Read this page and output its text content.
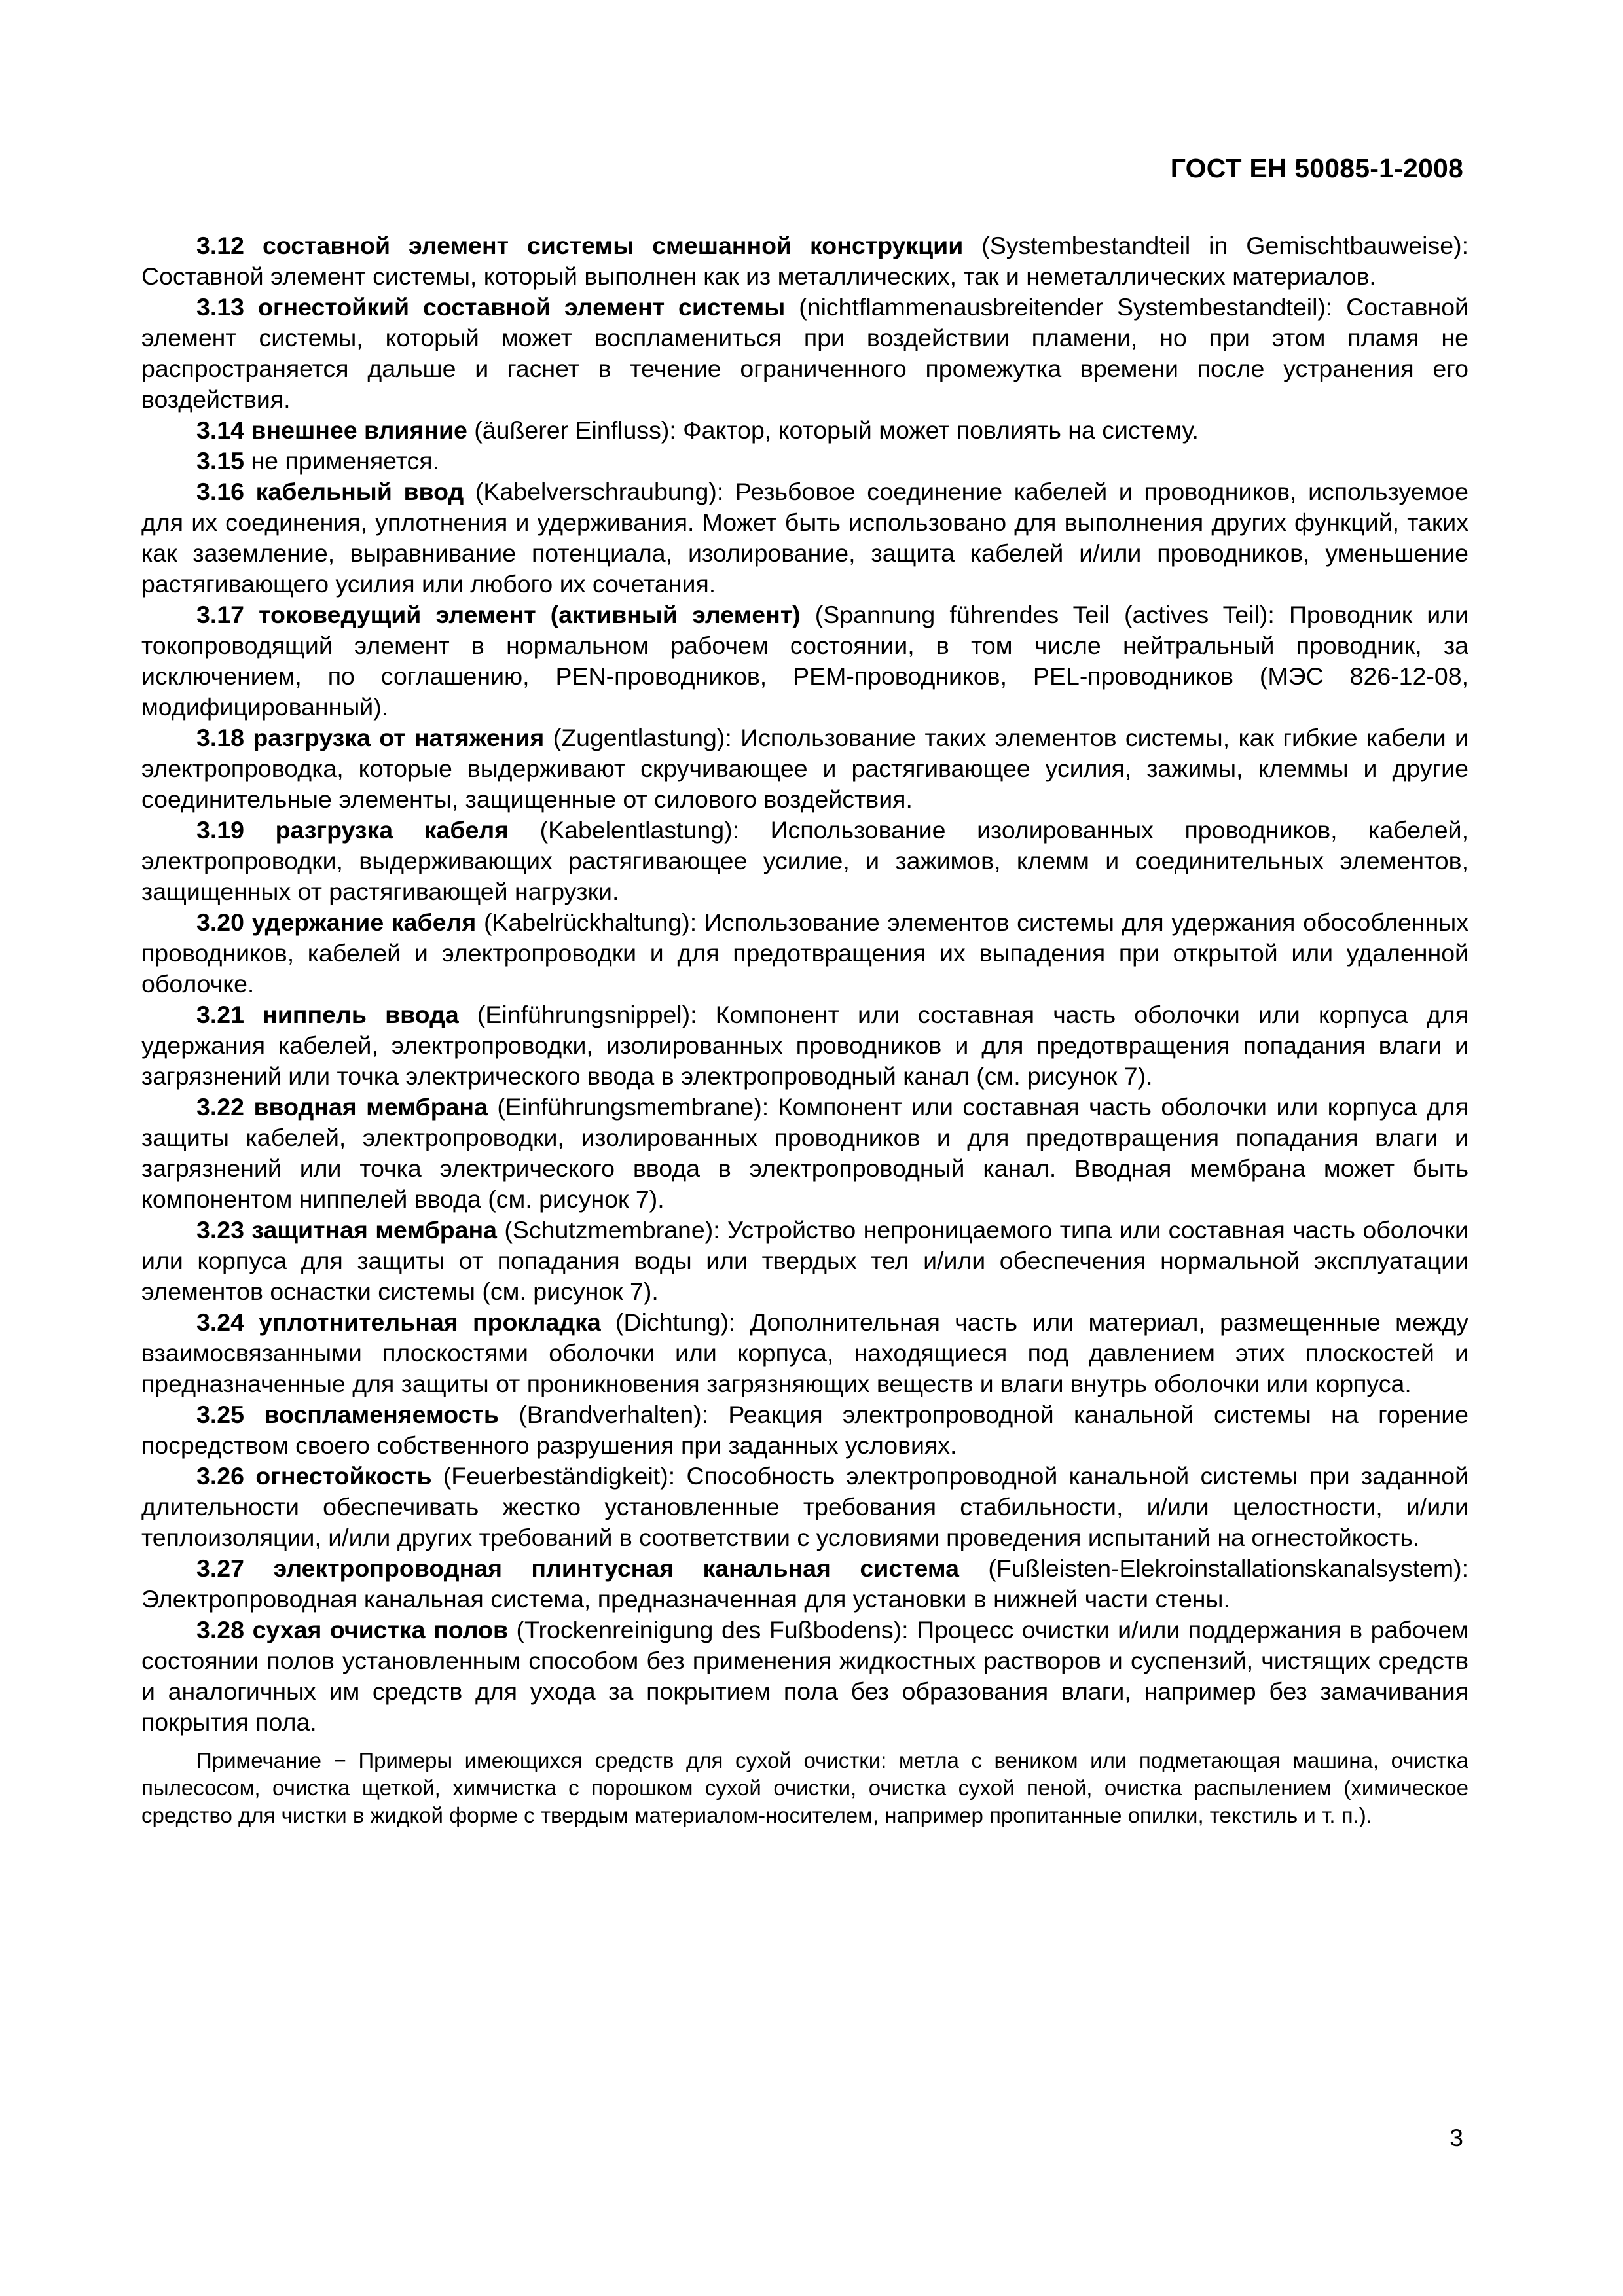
ГОСТ ЕН 50085-1-2008

3.12 составной элемент системы смешанной конструкции (Systembestandteil in Gemischtbauweise): Составной элемент системы, который выполнен как из металлических, так и неметаллических материалов.

3.13 огнестойкий составной элемент системы (nichtflammenausbreitender Systembestandteil): Составной элемент системы, который может воспламениться при воздействии пламени, но при этом пламя не распространяется дальше и гаснет в течение ограниченного промежутка времени после устранения его воздействия.

3.14 внешнее влияние (äußerer Einfluss): Фактор, который может повлиять на систему.

3.15 не применяется.

3.16 кабельный ввод (Kabelverschraubung): Резьбовое соединение кабелей и проводников, используемое для их соединения, уплотнения и удерживания. Может быть использовано для выполнения других функций, таких как заземление, выравнивание потенциала, изолирование, защита кабелей и/или проводников, уменьшение растягивающего усилия или любого их сочетания.

3.17 токоведущий элемент (активный элемент) (Spannung führendes Teil (actives Teil): Проводник или токопроводящий элемент в нормальном рабочем состоянии, в том числе нейтральный проводник, за исключением, по соглашению, PEN-проводников, PEM-проводников, PEL-проводников (МЭС 826-12-08, модифицированный).

3.18 разгрузка от натяжения (Zugentlastung): Использование таких элементов системы, как гибкие кабели и электропроводка, которые выдерживают скручивающее и растягивающее усилия, зажимы, клеммы и другие соединительные элементы, защищенные от силового воздействия.

3.19 разгрузка кабеля (Kabelentlastung): Использование изолированных проводников, кабелей, электропроводки, выдерживающих растягивающее усилие, и зажимов, клемм и соединительных элементов, защищенных от растягивающей нагрузки.

3.20 удержание кабеля (Kabelrückhaltung): Использование элементов системы для удержания обособленных проводников, кабелей и электропроводки и для предотвращения их выпадения при открытой или удаленной оболочке.

3.21 ниппель ввода (Einführungsnippel): Компонент или составная часть оболочки или корпуса для удержания кабелей, электропроводки, изолированных проводников и для предотвращения попадания влаги и загрязнений или точка электрического ввода в электропроводный канал (см. рисунок 7).

3.22 вводная мембрана (Einführungsmembrane): Компонент или составная часть оболочки или корпуса для защиты кабелей, электропроводки, изолированных проводников и для предотвращения попадания влаги и загрязнений или точка электрического ввода в электропроводный канал. Вводная мембрана может быть компонентом ниппелей ввода (см. рисунок 7).

3.23 защитная мембрана (Schutzmembrane): Устройство непроницаемого типа или составная часть оболочки или корпуса для защиты от попадания воды или твердых тел и/или обеспечения нормальной эксплуатации элементов оснастки системы (см. рисунок 7).

3.24 уплотнительная прокладка (Dichtung): Дополнительная часть или материал, размещенные между взаимосвязанными плоскостями оболочки или корпуса, находящиеся под давлением этих плоскостей и предназначенные для защиты от проникновения загрязняющих веществ и влаги внутрь оболочки или корпуса.

3.25 воспламеняемость (Brandverhalten): Реакция электропроводной канальной системы на горение посредством своего собственного разрушения при заданных условиях.

3.26 огнестойкость (Feuerbeständigkeit): Способность электропроводной канальной системы при заданной длительности обеспечивать жестко установленные требования стабильности, и/или целостности, и/или теплоизоляции, и/или других требований в соответствии с условиями проведения испытаний на огнестойкость.

3.27 электропроводная плинтусная канальная система (Fußleisten-Elekroinstallationskanalsystem): Электропроводная канальная система, предназначенная для установки в нижней части стены.

3.28 сухая очистка полов (Trockenreinigung des Fußbodens): Процесс очистки и/или поддержания в рабочем состоянии полов установленным способом без применения жидкостных растворов и суспензий, чистящих средств и аналогичных им средств для ухода за покрытием пола без образования влаги, например без замачивания покрытия пола.

Примечание − Примеры имеющихся средств для сухой очистки: метла с веником или подметающая машина, очистка пылесосом, очистка щеткой, химчистка с порошком сухой очистки, очистка сухой пеной, очистка распылением (химическое средство для чистки в жидкой форме с твердым материалом-носителем, например пропитанные опилки, текстиль и т. п.).

3
